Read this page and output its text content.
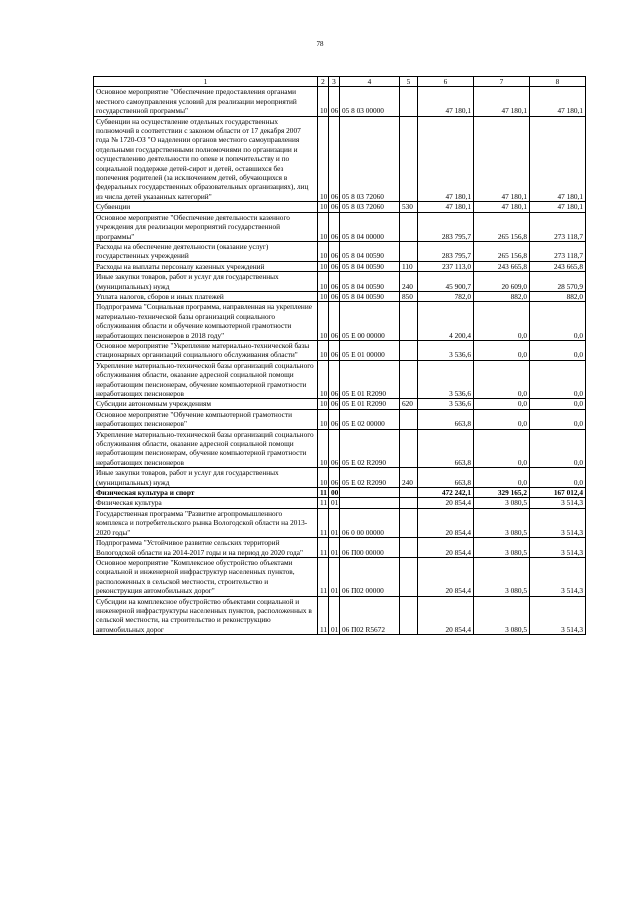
78
1	2	3	4	5	6	7	8
Основное мероприятие "Обеспечение предоставления органами местного самоуправления условий для реализации мероприятий государственной программы"	10	06	05 8 03 00000		47 180,1	47 180,1	47 180,1
Субвенции на осуществление отдельных государственных полномочий в соответствии с законом области от 17 декабря 2007 года № 1720-ОЗ "О наделении органов местного самоуправления отдельными государственными полномочиями по организации и осуществлению деятельности по опеке и попечительству и по социальной поддержке детей-сирот и детей, оставшихся без попечения родителей (за исключением детей, обучающихся в федеральных государственных образовательных организациях), лиц из числа детей указанных категорий"	10	06	05 8 03 72060		47 180,1	47 180,1	47 180,1
Субвенции	10	06	05 8 03 72060	530	47 180,1	47 180,1	47 180,1
Основное мероприятие "Обеспечение деятельности казенного учреждения для реализации мероприятий государственной программы"	10	06	05 8 04 00000		283 795,7	265 156,8	273 118,7
Расходы на обеспечение деятельности (оказание услуг) государственных учреждений	10	06	05 8 04 00590		283 795,7	265 156,8	273 118,7
Расходы на выплаты персоналу казенных учреждений	10	06	05 8 04 00590	110	237 113,0	243 665,8	243 665,8
Иные закупки товаров, работ и услуг для государственных (муниципальных) нужд	10	06	05 8 04 00590	240	45 900,7	20 609,0	28 570,9
Уплата налогов, сборов и иных платежей	10	06	05 8 04 00590	850	782,0	882,0	882,0
Подпрограмма "Социальная программа, направленная на укрепление материально-технической базы организаций социального обслуживания области и обучение компьютерной грамотности неработающих пенсионеров в 2018 году"	10	06	05 Е 00 00000		4 200,4	0,0	0,0
Основное мероприятие "Укрепление материально-технической базы стационарных организаций социального обслуживания области"	10	06	05 Е 01 00000		3 536,6	0,0	0,0
Укрепление материально-технической базы организаций социального обслуживания области, оказание адресной социальной помощи неработающим пенсионерам, обучение компьютерной грамотности неработающих пенсионеров	10	06	05 Е 01 R2090		3 536,6	0,0	0,0
Субсидии автономным учреждениям	10	06	05 Е 01 R2090	620	3 536,6	0,0	0,0
Основное мероприятие "Обучение компьютерной грамотности неработающих пенсионеров"	10	06	05 Е 02 00000		663,8	0,0	0,0
Укрепление материально-технической базы организаций социального обслуживания области, оказание адресной социальной помощи неработающим пенсионерам, обучение компьютерной грамотности неработающих пенсионеров	10	06	05 Е 02 R2090		663,8	0,0	0,0
Иные закупки товаров, работ и услуг для государственных (муниципальных) нужд	10	06	05 Е 02 R2090	240	663,8	0,0	0,0
Физическая культура и спорт	11	00			472 242,1	329 165,2	167 012,4
Физическая культура	11	01			20 854,4	3 080,5	3 514,3
Государственная программа "Развитие агропромышленного комплекса и потребительского рынка Вологодской области на 2013-2020 годы"	11	01	06 0 00 00000		20 854,4	3 080,5	3 514,3
Подпрограмма "Устойчивое развитие сельских территорий Вологодской области на 2014-2017 годы и на период до 2020 года"	11	01	06 П00 00000		20 854,4	3 080,5	3 514,3
Основное мероприятие "Комплексное обустройство объектами социальной и инженерной инфраструктур населенных пунктов, расположенных в сельской местности, строительство и реконструкция автомобильных дорог"	11	01	06 П02 00000		20 854,4	3 080,5	3 514,3
Субсидии на комплексное обустройство объектами социальной и инженерной инфраструктуры населенных пунктов, расположенных в сельской местности, на строительство и реконструкцию автомобильных дорог	11	01	06 П02 R5672		20 854,4	3 080,5	3 514,3
